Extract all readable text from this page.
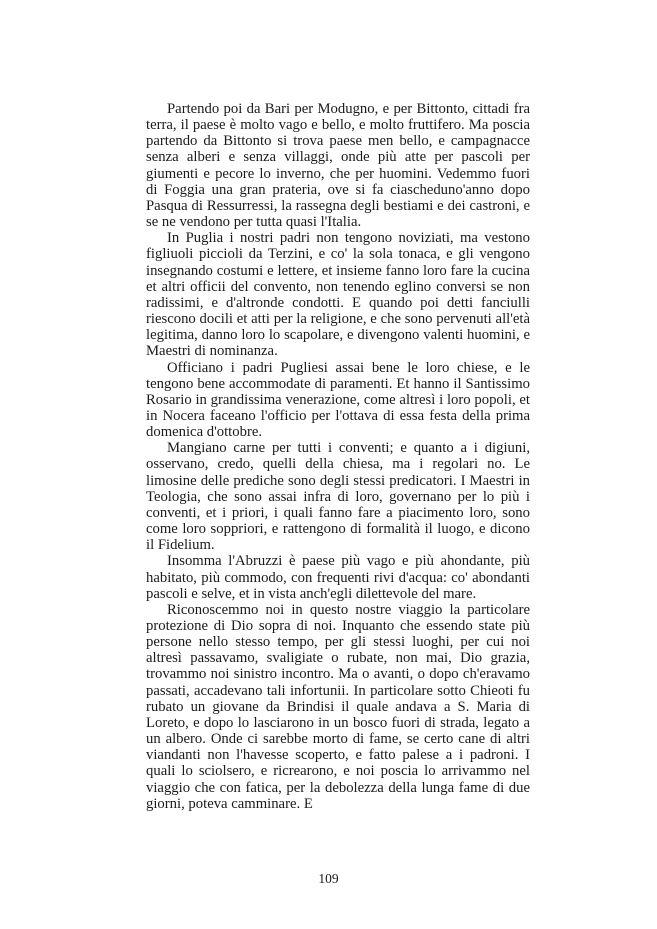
Partendo poi da Bari per Modugno, e per Bittonto, cittadi fra terra, il paese è molto vago e bello, e molto fruttifero. Ma poscia partendo da Bittonto si trova paese men bello, e campagnacce senza alberi e senza villaggi, onde più atte per pascoli per giumenti e pecore lo inverno, che per huomini. Vedemmo fuori di Foggia una gran prateria, ove si fa ciascheduno'anno dopo Pasqua di Ressurressi, la rassegna degli bestiami e dei castroni, e se ne vendono per tutta quasi l'Italia.

In Puglia i nostri padri non tengono noviziati, ma vestono figliuoli piccioli da Terzini, e co' la sola tonaca, e gli vengono insegnando costumi e lettere, et insieme fanno loro fare la cucina et altri officii del convento, non tenendo eglino conversi se non radissimi, e d'altronde condotti. E quando poi detti fanciulli riescono docili et atti per la religione, e che sono pervenuti all'età legitima, danno loro lo scapolare, e divengono valenti huomini, e Maestri di nominanza.

Officiano i padri Pugliesi assai bene le loro chiese, e le tengono bene accommodate di paramenti. Et hanno il Santissimo Rosario in grandissima venerazione, come altresì i loro popoli, et in Nocera faceano l'officio per l'ottava di essa festa della prima domenica d'ottobre.

Mangiano carne per tutti i conventi; e quanto a i digiuni, osservano, credo, quelli della chiesa, ma i regolari no. Le limosine delle prediche sono degli stessi predicatori. I Maestri in Teologia, che sono assai infra di loro, governano per lo più i conventi, et i priori, i quali fanno fare a piacimento loro, sono come loro soppriori, e rattengono di formalità il luogo, e dicono il Fidelium.

Insomma l'Abruzzi è paese più vago e più ahondante, più habitato, più commodo, con frequenti rivi d'acqua: co' abondanti pascoli e selve, et in vista anch'egli dilettevole del mare.

Riconoscemmo noi in questo nostre viaggio la particolare protezione di Dio sopra di noi. Inquanto che essendo state più persone nello stesso tempo, per gli stessi luoghi, per cui noi altresì passavamo, svaligiate o rubate, non mai, Dio grazia, trovammo noi sinistro incontro. Ma o avanti, o dopo ch'eravamo passati, accadevano tali infortunii. In particolare sotto Chieoti fu rubato un giovane da Brindisi il quale andava a S. Maria di Loreto, e dopo lo lasciarono in un bosco fuori di strada, legato a un albero. Onde ci sarebbe morto di fame, se certo cane di altri viandanti non l'havesse scoperto, e fatto palese a i padroni. I quali lo sciolsero, e ricrearono, e noi poscia lo arrivammo nel viaggio che con fatica, per la debolezza della lunga fame di due giorni, poteva camminare. E

109
